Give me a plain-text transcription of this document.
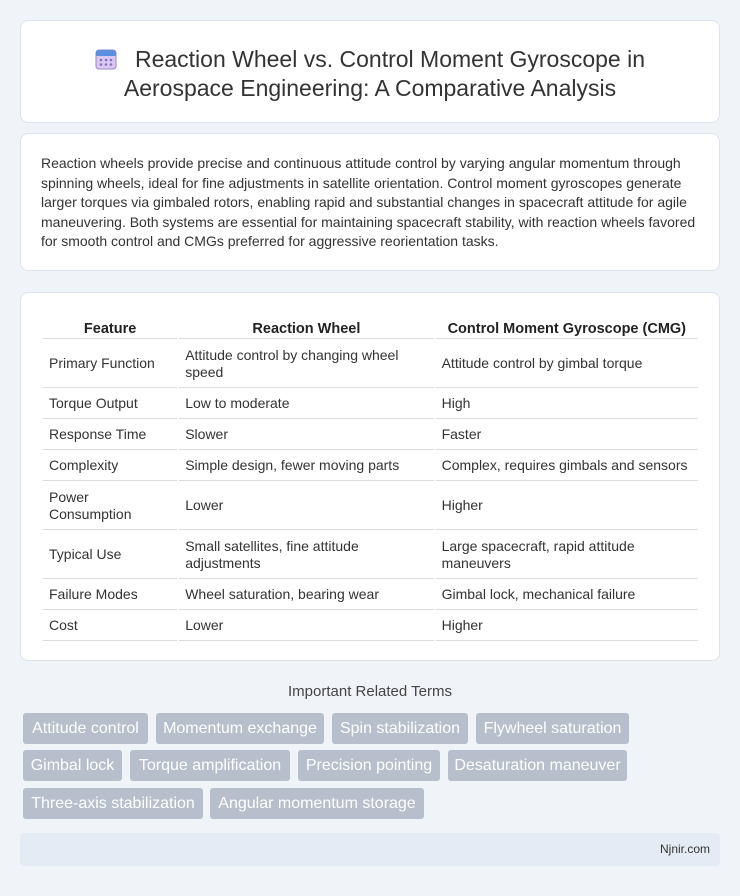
Reaction Wheel vs. Control Moment Gyroscope in
Aerospace Engineering: A Comparative Analysis

Reaction wheels provide precise and continuous attitude control by varying angular momentum through spinning wheels, ideal for fine adjustments in satellite orientation. Control moment gyroscopes generate larger torques via gimbaled rotors, enabling rapid and substantial changes in spacecraft attitude for agile maneuvering. Both systems are essential for maintaining spacecraft stability, with reaction wheels favored for smooth control and CMGs preferred for aggressive reorientation tasks.

Feature	Reaction Wheel	Control Moment Gyroscope (CMG)
Primary Function	Attitude control by changing wheel speed	Attitude control by gimbal torque
Torque Output	Low to moderate	High
Response Time	Slower	Faster
Complexity	Simple design, fewer moving parts	Complex, requires gimbals and sensors
Power Consumption	Lower	Higher
Typical Use	Small satellites, fine attitude adjustments	Large spacecraft, rapid attitude maneuvers
Failure Modes	Wheel saturation, bearing wear	Gimbal lock, mechanical failure
Cost	Lower	Higher
Important Related Terms
Attitude control	Momentum exchange	Spin stabilization	Flywheel saturation
Gimbal lock	Torque amplification	Precision pointing	Desaturation maneuver
Three-axis stabilization	Angular momentum storage
Njnir.com
